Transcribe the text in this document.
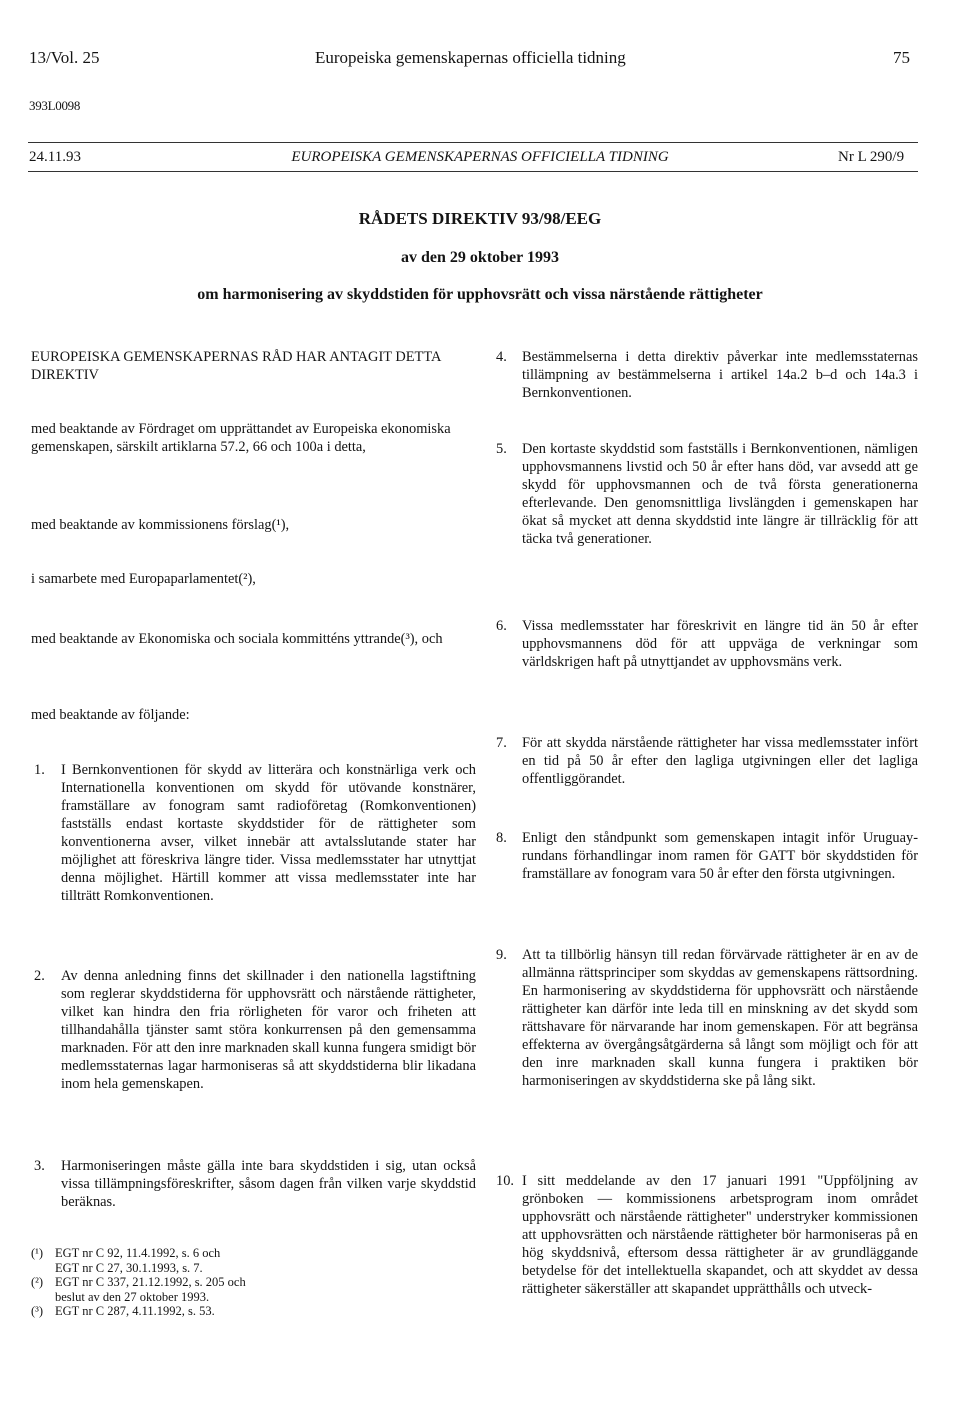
13/Vol. 25	Europeiska gemenskapernas officiella tidning	75
393L0098
24.11.93	EUROPEISKA GEMENSKAPERNAS OFFICIELLA TIDNING	Nr L 290/9
RÅDETS DIREKTIV 93/98/EEG
av den 29 oktober 1993
om harmonisering av skyddstiden för upphovsrätt och vissa närstående rättigheter

EUROPEISKA GEMENSKAPERNAS RÅD HAR ANTAGIT DETTA DIREKTIV

med beaktande av Fördraget om upprättandet av Europeiska ekonomiska gemenskapen, särskilt artiklarna 57.2, 66 och 100a i detta,

med beaktande av kommissionens förslag(¹),

i samarbete med Europaparlamentet(²),

med beaktande av Ekonomiska och sociala kommitténs yttrande(³), och

med beaktande av följande:

1. I Bernkonventionen för skydd av litterära och konstnärliga verk och Internationella konventionen om skydd för utövande konstnärer, framställare av fonogram samt radioföretag (Romkonventionen) fastställs endast kortaste skyddstider för de rättigheter som konventionerna avser, vilket innebär att avtalsslutande stater har möjlighet att föreskriva längre tider. Vissa medlemsstater har utnyttjat denna möjlighet. Härtill kommer att vissa medlemsstater inte har tillträtt Romkonventionen.
2. Av denna anledning finns det skillnader i den nationella lagstiftning som reglerar skyddstiderna för upphovsrätt och närstående rättigheter, vilket kan hindra den fria rörligheten för varor och friheten att tillhandahålla tjänster samt störa konkurrensen på den gemensamma marknaden. För att den inre marknaden skall kunna fungera smidigt bör medlemsstaternas lagar harmoniseras så att skyddstiderna blir likadana inom hela gemenskapen.
3. Harmoniseringen måste gälla inte bara skyddstiden i sig, utan också vissa tillämpningsföreskrifter, såsom dagen från vilken varje skyddstid beräknas.
(¹) EGT nr C 92, 11.4.1992, s. 6 och
EGT nr C 27, 30.1.1993, s. 7.
(²) EGT nr C 337, 21.12.1992, s. 205 och
beslut av den 27 oktober 1993.
(³) EGT nr C 287, 4.11.1992, s. 53.
4. Bestämmelserna i detta direktiv påverkar inte medlemsstaternas tillämpning av bestämmelserna i artikel 14a.2 b–d och 14a.3 i Bernkonventionen.
5. Den kortaste skyddstid som fastställs i Bernkonventionen, nämligen upphovsmannens livstid och 50 år efter hans död, var avsedd att ge skydd för upphovsmannen och de två första generationerna efterlevande. Den genomsnittliga livslängden i gemenskapen har ökat så mycket att denna skyddstid inte längre är tillräcklig för att täcka två generationer.
6. Vissa medlemsstater har föreskrivit en längre tid än 50 år efter upphovsmannens död för att uppväga de verkningar som världskrigen haft på utnyttjandet av upphovsmäns verk.
7. För att skydda närstående rättigheter har vissa medlemsstater infört en tid på 50 år efter den lagliga utgivningen eller det lagliga offentliggörandet.
8. Enligt den ståndpunkt som gemenskapen intagit inför Uruguay-rundans förhandlingar inom ramen för GATT bör skyddstiden för framställare av fonogram vara 50 år efter den första utgivningen.
9. Att ta tillbörlig hänsyn till redan förvärvade rättigheter är en av de allmänna rättsprinciper som skyddas av gemenskapens rättsordning. En harmonisering av skyddstiderna för upphovsrätt och närstående rättigheter kan därför inte leda till en minskning av det skydd som rättshavare för närvarande har inom gemenskapen. För att begränsa effekterna av övergångsåtgärderna så långt som möjligt och för att den inre marknaden skall kunna fungera i praktiken bör harmoniseringen av skyddstiderna ske på lång sikt.
10. I sitt meddelande av den 17 januari 1991 "Uppföljning av grönboken — kommissionens arbetsprogram inom området upphovsrätt och närstående rättigheter" understryker kommissionen att upphovsrätten och närstående rättigheter bör harmoniseras på en hög skyddsnivå, eftersom dessa rättigheter är av grundläggande betydelse för det intellektuella skapandet, och att skyddet av dessa rättigheter säkerställer att skapandet upprätthålls och utveck-
